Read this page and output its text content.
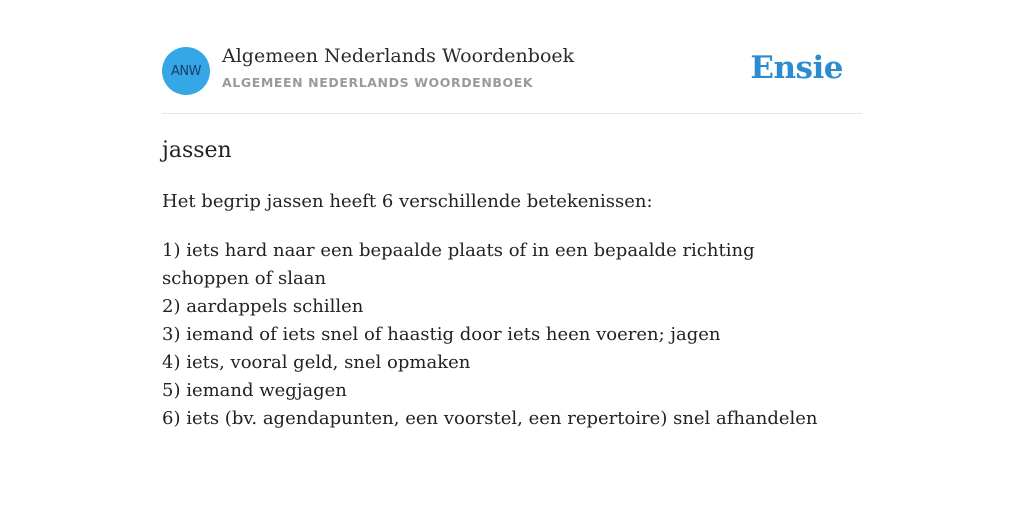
ANW
Algemeen Nederlands Woordenboek
ALGEMEEN NEDERLANDS WOORDENBOEK	Ensie
jassen
Het begrip jassen heeft 6 verschillende betekenissen:
1) iets hard naar een bepaalde plaats of in een bepaalde richting schoppen of slaan
2) aardappels schillen
3) iemand of iets snel of haastig door iets heen voeren; jagen
4) iets, vooral geld, snel opmaken
5) iemand wegjagen
6) iets (bv. agendapunten, een voorstel, een repertoire) snel afhandelen
